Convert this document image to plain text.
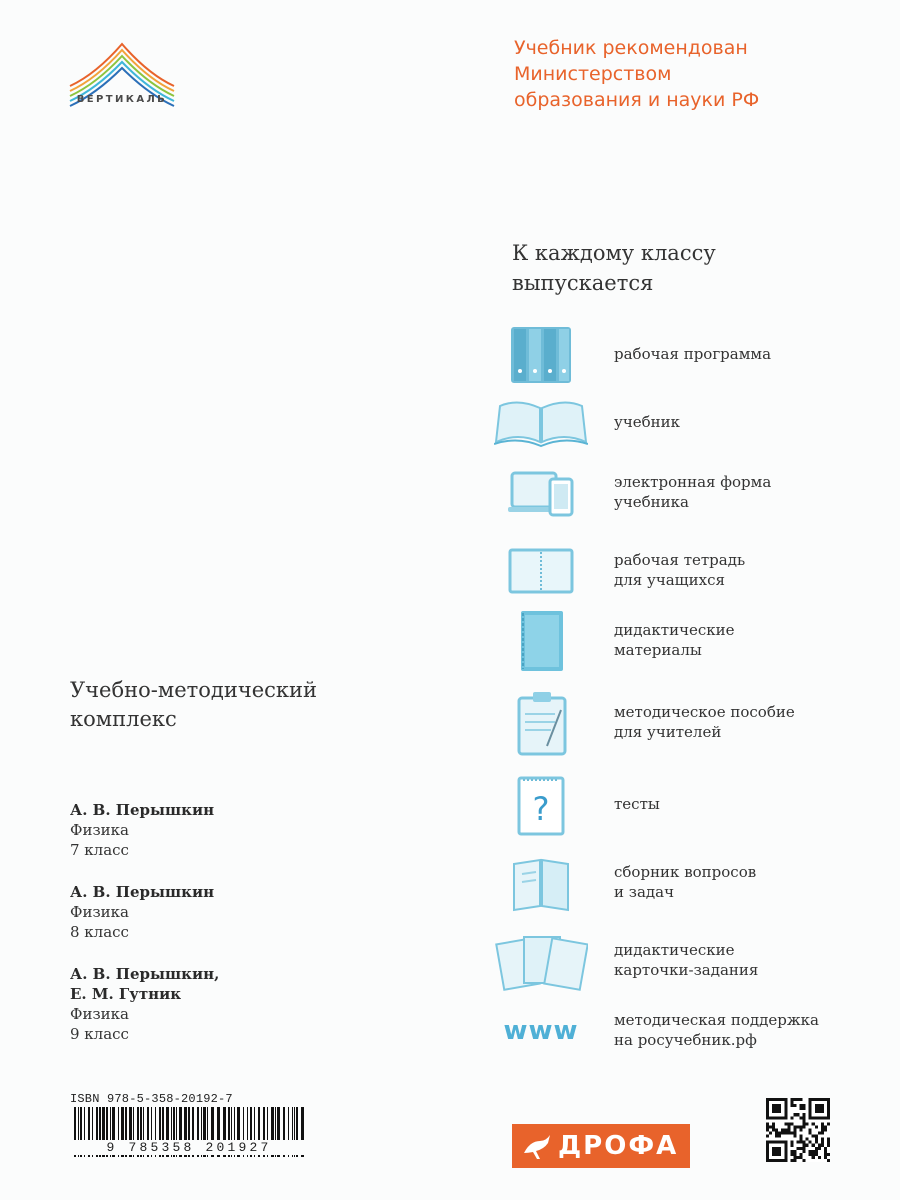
ВЕРТИКАЛЬ
Учебник рекомендован
Министерством
образования и науки РФ
К каждому классу
выпускается
рабочая программа
учебник
электронная форма
учебника
рабочая тетрадь
для учащихся
дидактические
материалы
методическое пособие
для учителей
?	тесты
сборник вопросов
и задач
дидактические
карточки-задания
www методическая поддержка
на росучебник.рф
Учебно-методический
комплекс
А. В. Перышкин
Физика
7 класс
А. В. Перышкин
Физика
8 класс
А. В. Перышкин,
Е. М. Гутник
Физика
9 класс
ISBN 978-5-358-20192-7
9 785358 201927	ДРОФА
